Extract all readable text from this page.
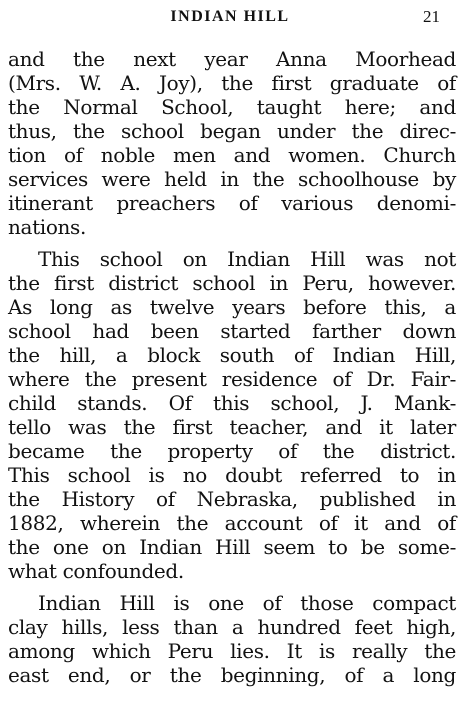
INDIAN HILL	21
and the next year Anna Moorhead
(Mrs. W. A. Joy), the first graduate of
the Normal School, taught here; and
thus, the school began under the direc-
tion of noble men and women. Church
services were held in the schoolhouse by
itinerant preachers of various denomi-
nations.
This school on Indian Hill was not
the first district school in Peru, however.
As long as twelve years before this, a
school had been started farther down
the hill, a block south of Indian Hill,
where the present residence of Dr. Fair-
child stands. Of this school, J. Mank-
tello was the first teacher, and it later
became the property of the district.
This school is no doubt referred to in
the History of Nebraska, published in
1882, wherein the account of it and of
the one on Indian Hill seem to be some-
what confounded.
Indian Hill is one of those compact
clay hills, less than a hundred feet high,
among which Peru lies. It is really the
east end, or the beginning, of a long
